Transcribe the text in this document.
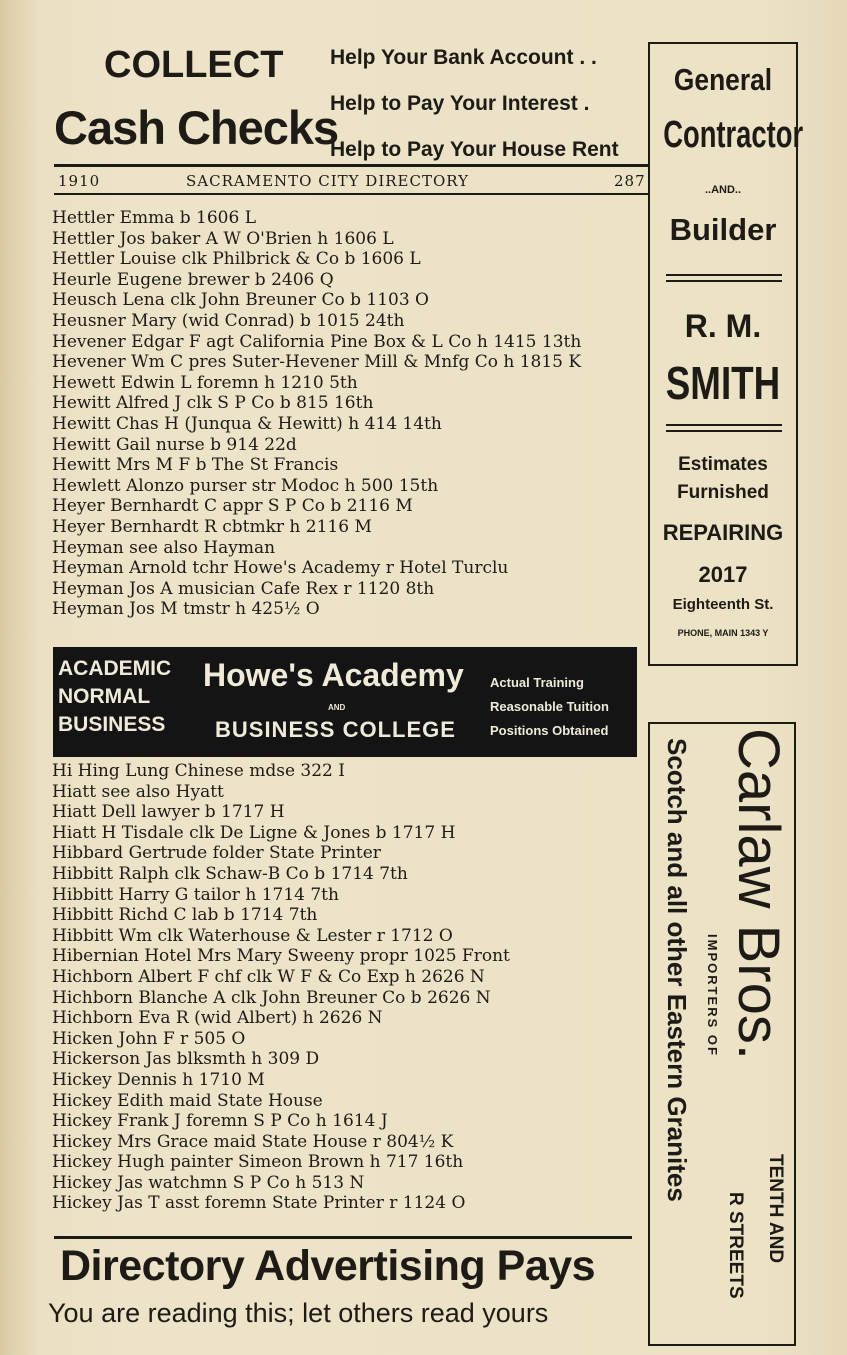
COLLECT
Cash Checks
Help Your Bank Account . .
Help to Pay Your Interest .
Help to Pay Your House Rent
1910	SACRAMENTO CITY DIRECTORY	287
Hettler Emma b 1606 L
Hettler Jos baker A W O'Brien h 1606 L
Hettler Louise clk Philbrick & Co b 1606 L
Heurle Eugene brewer b 2406 Q
Heusch Lena clk John Breuner Co b 1103 O
Heusner Mary (wid Conrad) b 1015 24th
Hevener Edgar F agt California Pine Box & L Co h 1415 13th
Hevener Wm C pres Suter-Hevener Mill & Mnfg Co h 1815 K
Hewett Edwin L foremn h 1210 5th
Hewitt Alfred J clk S P Co b 815 16th
Hewitt Chas H (Junqua & Hewitt) h 414 14th
Hewitt Gail nurse b 914 22d
Hewitt Mrs M F b The St Francis
Hewlett Alonzo purser str Modoc h 500 15th
Heyer Bernhardt C appr S P Co b 2116 M
Heyer Bernhardt R cbtmkr h 2116 M
Heyman see also Hayman
Heyman Arnold tchr Howe's Academy r Hotel Turclu
Heyman Jos A musician Cafe Rex r 1120 8th
Heyman Jos M tmstr h 425½ O
ACADEMIC
NORMAL
BUSINESS
Howe's Academy
AND
BUSINESS COLLEGE
Actual Training
Reasonable Tuition
Positions Obtained
Hi Hing Lung Chinese mdse 322 I
Hiatt see also Hyatt
Hiatt Dell lawyer b 1717 H
Hiatt H Tisdale clk De Ligne & Jones b 1717 H
Hibbard Gertrude folder State Printer
Hibbitt Ralph clk Schaw-B Co b 1714 7th
Hibbitt Harry G tailor h 1714 7th
Hibbitt Richd C lab b 1714 7th
Hibbitt Wm clk Waterhouse & Lester r 1712 O
Hibernian Hotel Mrs Mary Sweeny propr 1025 Front
Hichborn Albert F chf clk W F & Co Exp h 2626 N
Hichborn Blanche A clk John Breuner Co b 2626 N
Hichborn Eva R (wid Albert) h 2626 N
Hicken John F r 505 O
Hickerson Jas blksmth h 309 D
Hickey Dennis h 1710 M
Hickey Edith maid State House
Hickey Frank J foremn S P Co h 1614 J
Hickey Mrs Grace maid State House r 804½ K
Hickey Hugh painter Simeon Brown h 717 16th
Hickey Jas watchmn S P Co h 513 N
Hickey Jas T asst foremn State Printer r 1124 O
Directory Advertising Pays
You are reading this; let others read yours
General
Contractor
..AND..
Builder
R. M.
SMITH
Estimates
Furnished
REPAIRING
2017
Eighteenth St.
PHONE, MAIN 1343 Y
Carlaw Bros.
Scotch and all other Eastern Granites IMPORTERS OF
TENTH AND
R STREETS
